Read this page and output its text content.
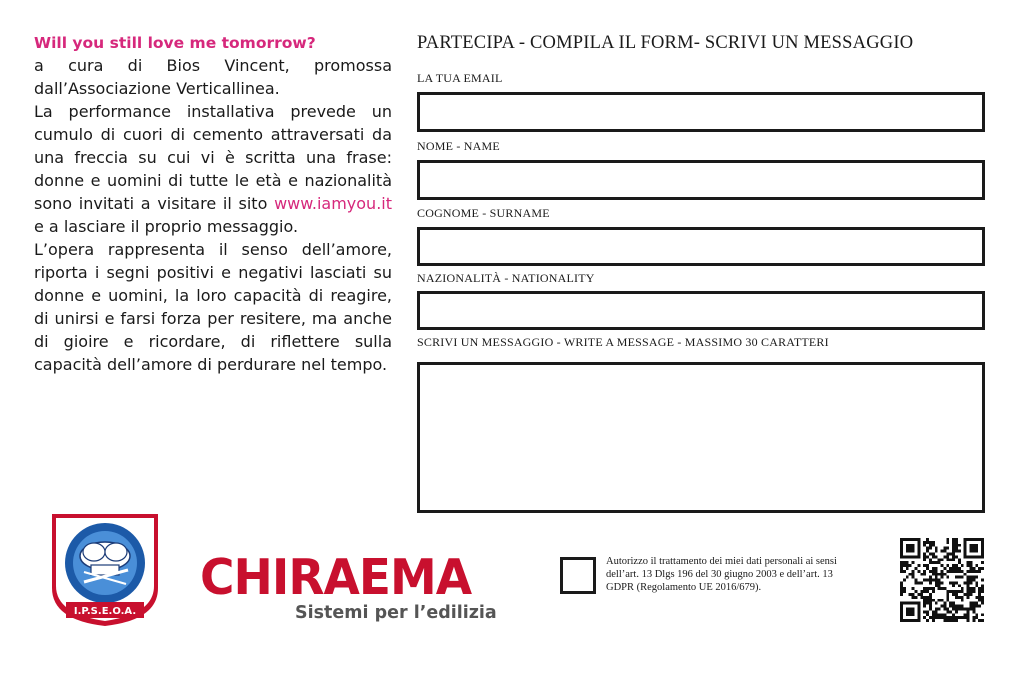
Will you still love me tomorrow?

a cura di Bios Vincent, promossa dall’Associazione Verticallinea.

La performance installativa prevede un cumulo di cuori di cemento attraversati da una freccia su cui vi è scritta una frase: donne e uomini di tutte le età e nazionalità sono invitati a visitare il sito www.iamyou.it e a lasciare il proprio messaggio.

L’opera rappresenta il senso dell’amore, riporta i segni positivi e negativi lasciati su donne e uomini, la loro capacità di reagire, di unirsi e farsi forza per resitere, ma anche di gioire e ricordare, di riflettere sulla capacità dell’amore di perdurare nel tempo.

PARTECIPA - COMPILA IL FORM- SCRIVI UN MESSAGGIO
LA TUA EMAIL
NOME - NAME
COGNOME - SURNAME
NAZIONALITÀ - NATIONALITY
SCRIVI UN MESSAGGIO - WRITE A MESSAGE - MASSIMO 30 CARATTERI
I.P.S.E.O.A.
CHIRAEMA
Sistemi per l’edilizia
Autorizzo il trattamento dei miei dati personali ai sensi dell’art. 13 Dlgs 196 del 30 giugno 2003 e dell’art. 13 GDPR (Regolamento UE 2016/679).
